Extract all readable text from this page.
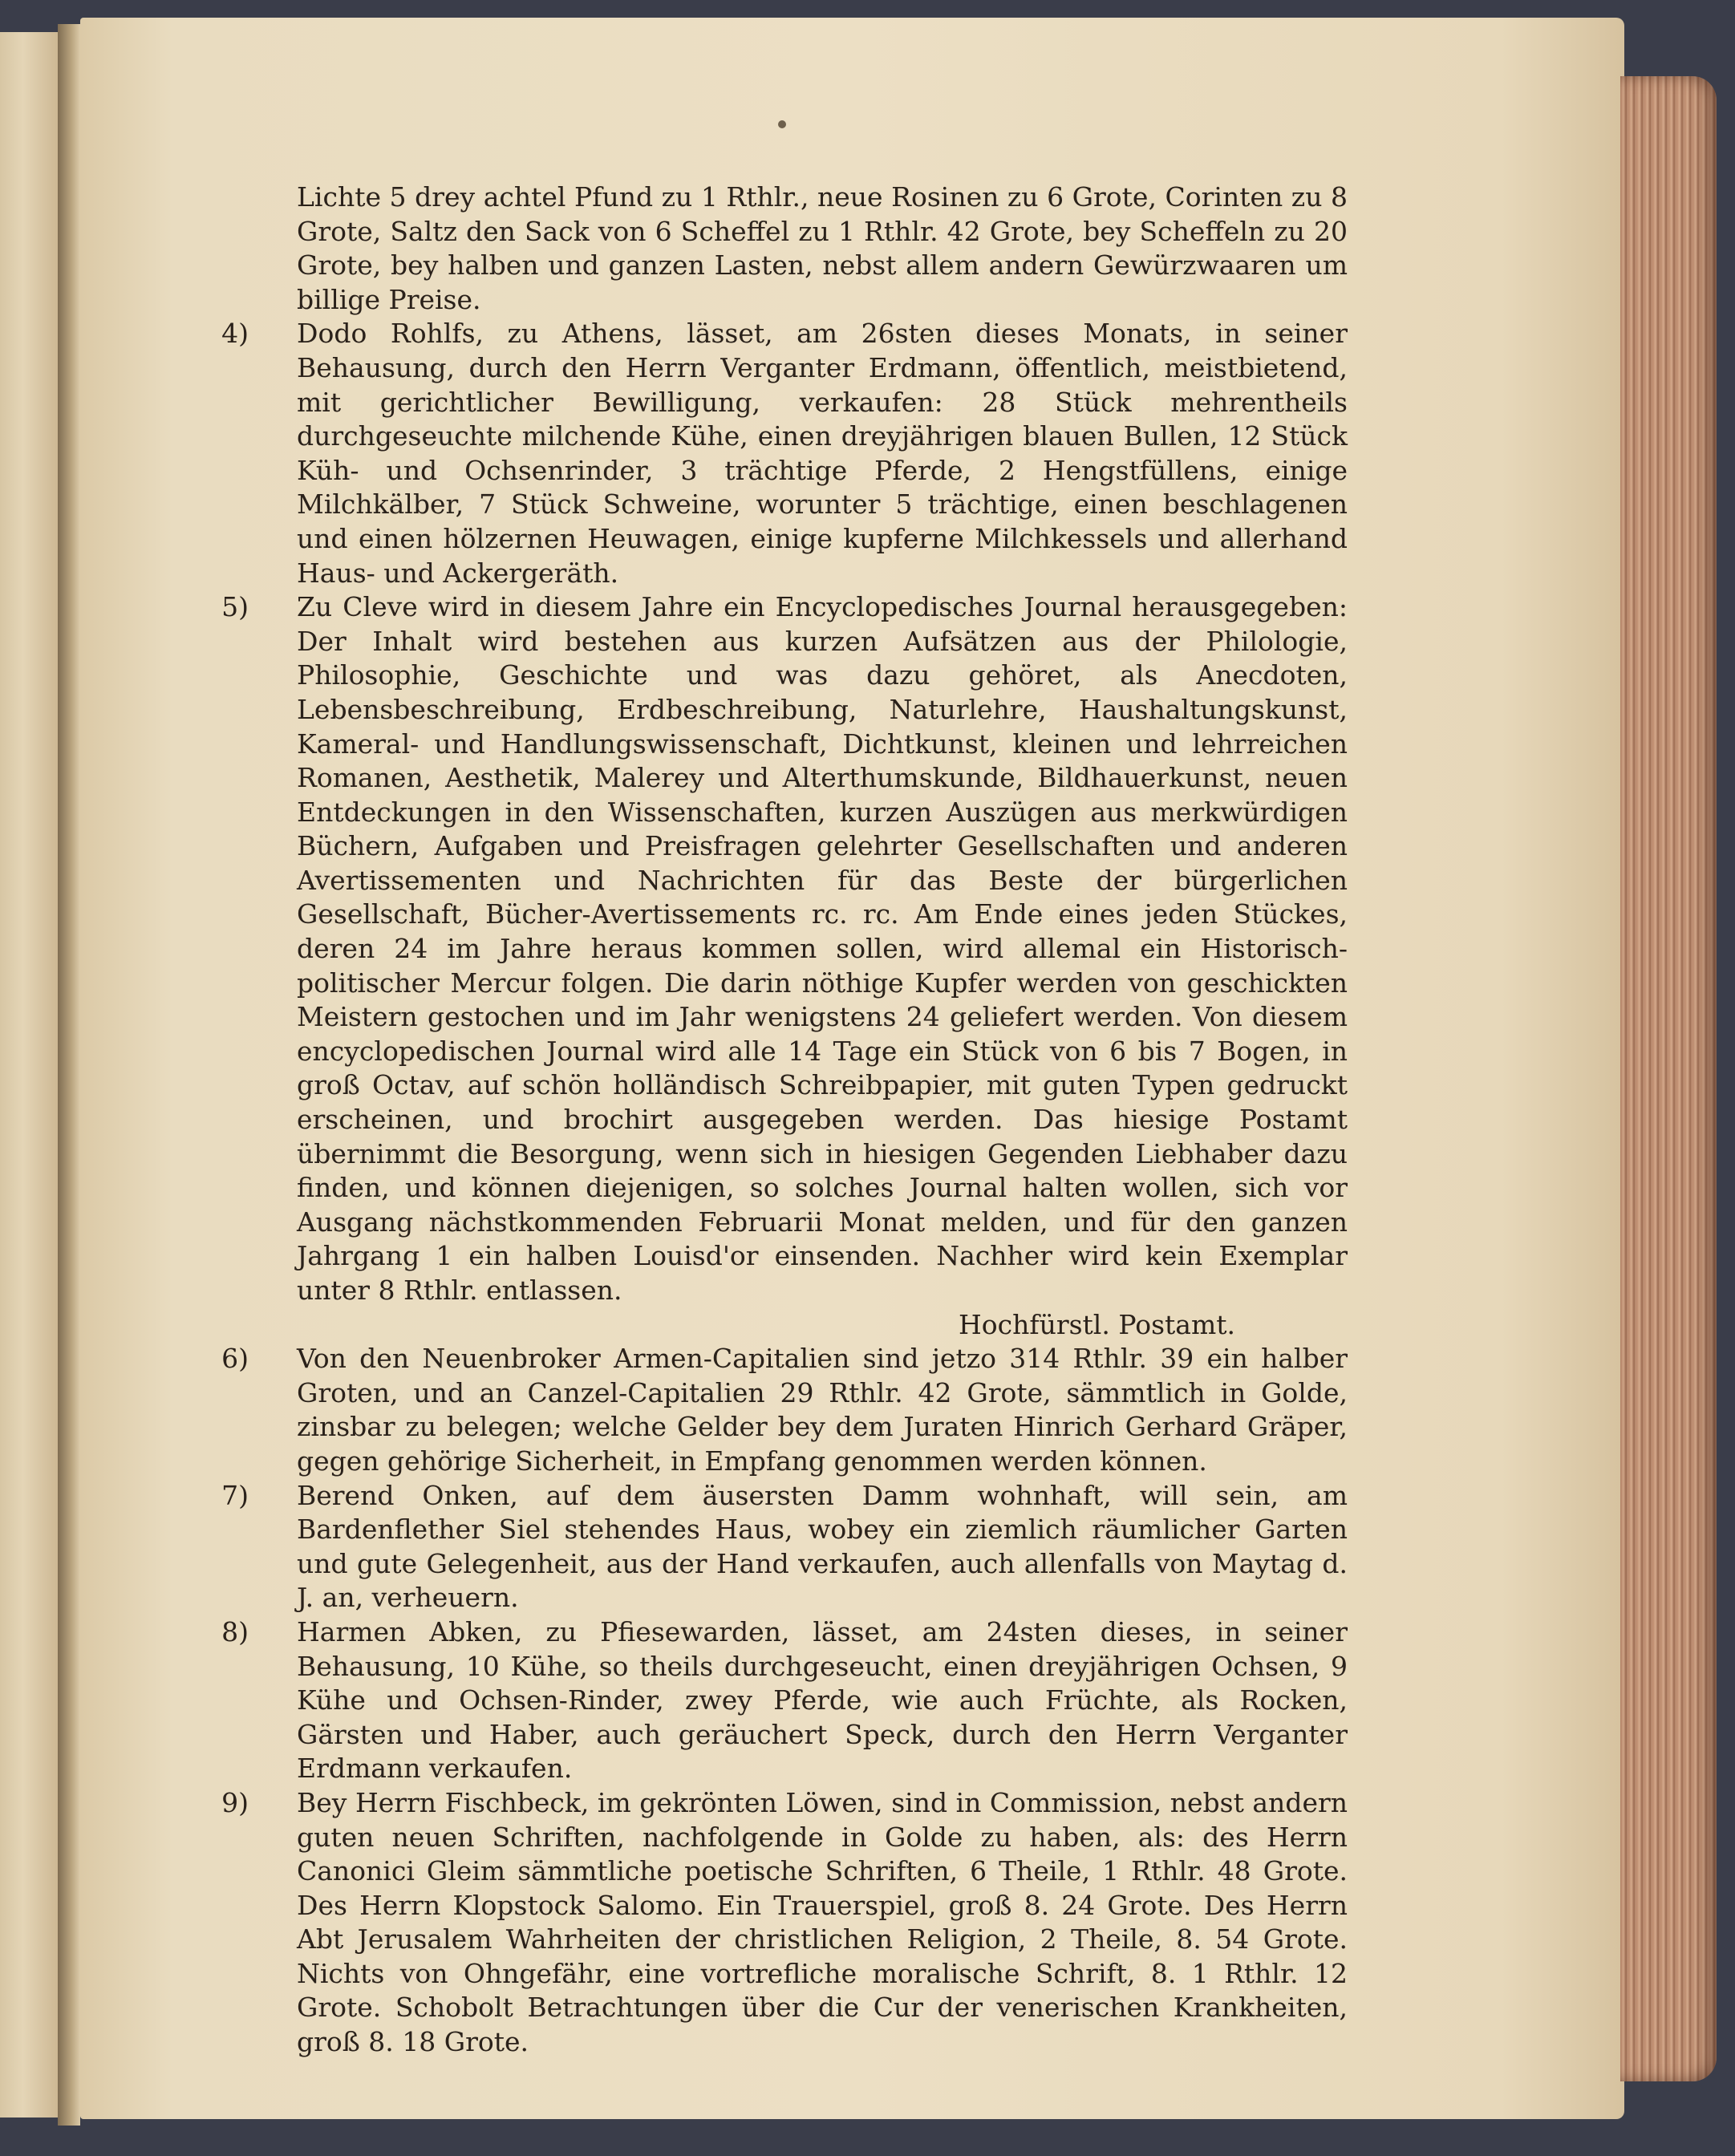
Lichte 5 drey achtel Pfund zu 1 Rthlr., neue Rosinen zu 6 Grote, Corinten zu 8 Grote, Saltz den Sack von 6 Scheffel zu 1 Rthlr. 42 Grote, bey Scheffeln zu 20 Grote, bey halben und ganzen Lasten, nebst allem andern Gewürzwaaren um billige Preise.
4) Dodo Rohlfs, zu Athens, lässet, am 26sten dieses Monats, in seiner Behausung, durch den Herrn Verganter Erdmann, öffentlich, meistbietend, mit gerichtlicher Bewilligung, verkaufen: 28 Stück mehrentheils durchgeseuchte milchende Kühe, einen dreyjährigen blauen Bullen, 12 Stück Küh- und Ochsenrinder, 3 trächtige Pferde, 2 Hengstfüllens, einige Milchkälber, 7 Stück Schweine, worunter 5 trächtige, einen beschlagenen und einen hölzernen Heuwagen, einige kupferne Milchkessels und allerhand Haus- und Ackergeräth.
5) Zu Cleve wird in diesem Jahre ein Encyclopedisches Journal herausgegeben: Der Inhalt wird bestehen aus kurzen Aufsätzen aus der Philologie, Philosophie, Geschichte und was dazu gehöret, als Anecdoten, Lebensbeschreibung, Erdbeschreibung, Naturlehre, Haushaltungskunst, Kameral- und Handlungswissenschaft, Dichtkunst, kleinen und lehrreichen Romanen, Aesthetik, Malerey und Alterthumskunde, Bildhauerkunst, neuen Entdeckungen in den Wissenschaften, kurzen Auszügen aus merkwürdigen Büchern, Aufgaben und Preisfragen gelehrter Gesellschaften und anderen Avertissementen und Nachrichten für das Beste der bürgerlichen Gesellschaft, Bücher-Avertissements rc. rc. Am Ende eines jeden Stückes, deren 24 im Jahre heraus kommen sollen, wird allemal ein Historisch-politischer Mercur folgen. Die darin nöthige Kupfer werden von geschickten Meistern gestochen und im Jahr wenigstens 24 geliefert werden. Von diesem encyclopedischen Journal wird alle 14 Tage ein Stück von 6 bis 7 Bogen, in groß Octav, auf schön holländisch Schreibpapier, mit guten Typen gedruckt erscheinen, und brochirt ausgegeben werden. Das hiesige Postamt übernimmt die Besorgung, wenn sich in hiesigen Gegenden Liebhaber dazu finden, und können diejenigen, so solches Journal halten wollen, sich vor Ausgang nächstkommenden Februarii Monat melden, und für den ganzen Jahrgang 1 ein halben Louisd'or einsenden. Nachher wird kein Exemplar unter 8 Rthlr. entlassen.
Hochfürstl. Postamt.
6) Von den Neuenbroker Armen-Capitalien sind jetzo 314 Rthlr. 39 ein halber Groten, und an Canzel-Capitalien 29 Rthlr. 42 Grote, sämmtlich in Golde, zinsbar zu belegen; welche Gelder bey dem Juraten Hinrich Gerhard Gräper, gegen gehörige Sicherheit, in Empfang genommen werden können.
7) Berend Onken, auf dem äusersten Damm wohnhaft, will sein, am Bardenflether Siel stehendes Haus, wobey ein ziemlich räumlicher Garten und gute Gelegenheit, aus der Hand verkaufen, auch allenfalls von Maytag d. J. an, verheuern.
8) Harmen Abken, zu Pfiesewarden, lässet, am 24sten dieses, in seiner Behausung, 10 Kühe, so theils durchgeseucht, einen dreyjährigen Ochsen, 9 Kühe und Ochsen-Rinder, zwey Pferde, wie auch Früchte, als Rocken, Gärsten und Haber, auch geräuchert Speck, durch den Herrn Verganter Erdmann verkaufen.
9) Bey Herrn Fischbeck, im gekrönten Löwen, sind in Commission, nebst andern guten neuen Schriften, nachfolgende in Golde zu haben, als: des Herrn Canonici Gleim sämmtliche poetische Schriften, 6 Theile, 1 Rthlr. 48 Grote. Des Herrn Klopstock Salomo. Ein Trauerspiel, groß 8. 24 Grote. Des Herrn Abt Jerusalem Wahrheiten der christlichen Religion, 2 Theile, 8. 54 Grote. Nichts von Ohngefähr, eine vortrefliche moralische Schrift, 8. 1 Rthlr. 12 Grote. Schobolt Betrachtungen über die Cur der venerischen Krankheiten, groß 8. 18 Grote.
